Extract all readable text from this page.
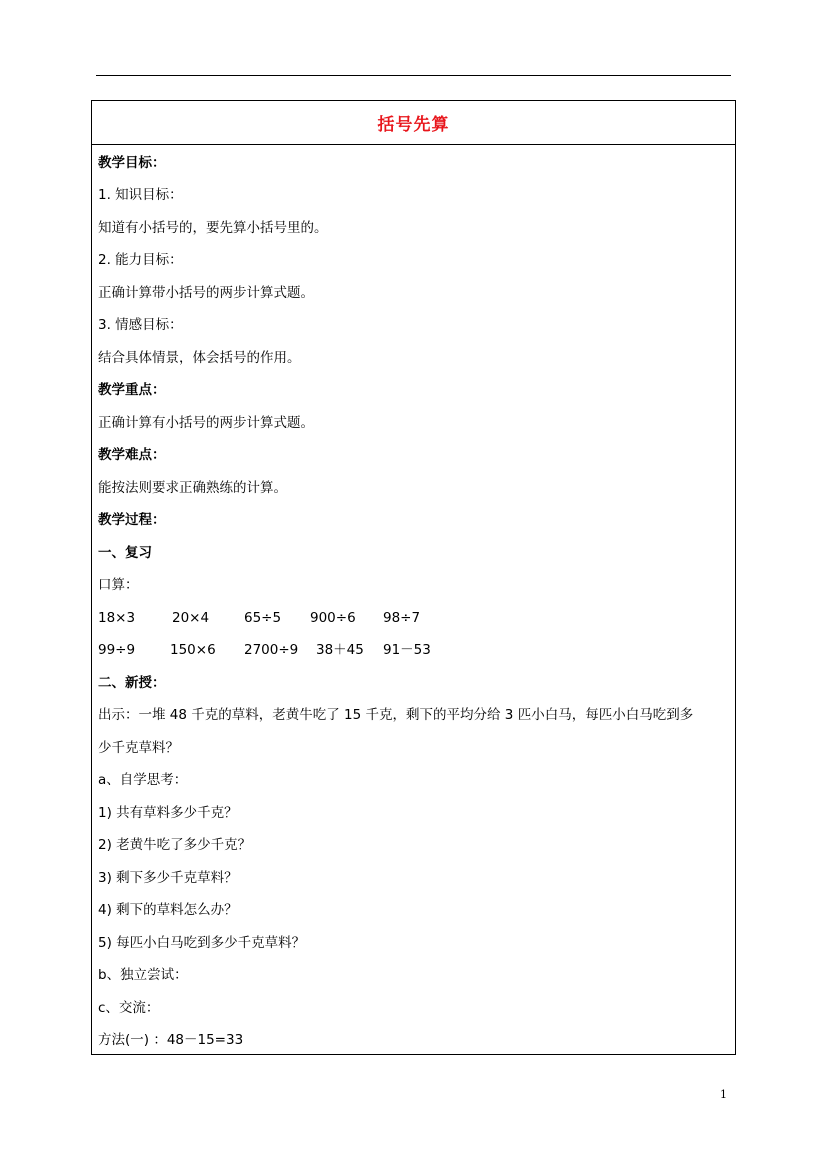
括号先算
教学目标：
1. 知识目标：
知道有小括号的，要先算小括号里的。
2. 能力目标：
正确计算带小括号的两步计算式题。
3. 情感目标：
结合具体情景，体会括号的作用。
教学重点：
正确计算有小括号的两步计算式题。
教学难点：
能按法则要求正确熟练的计算。
教学过程：
一、复习
口算：
18×3	20×4	65÷5 900÷6 98÷7
99÷9	150×6 2700÷9 38＋45 91－53
二、新授：
出示：一堆 48 千克的草料，老黄牛吃了 15 千克，剩下的平均分给 3 匹小白马，每匹小白马吃到多
少千克草料？
a、自学思考：
1) 共有草料多少千克？
2) 老黄牛吃了多少千克？
3) 剩下多少千克草料？
4) 剩下的草料怎么办？
5) 每匹小白马吃到多少千克草料？
b、独立尝试：
c、交流：
方法(一) ：48－15=33
1
